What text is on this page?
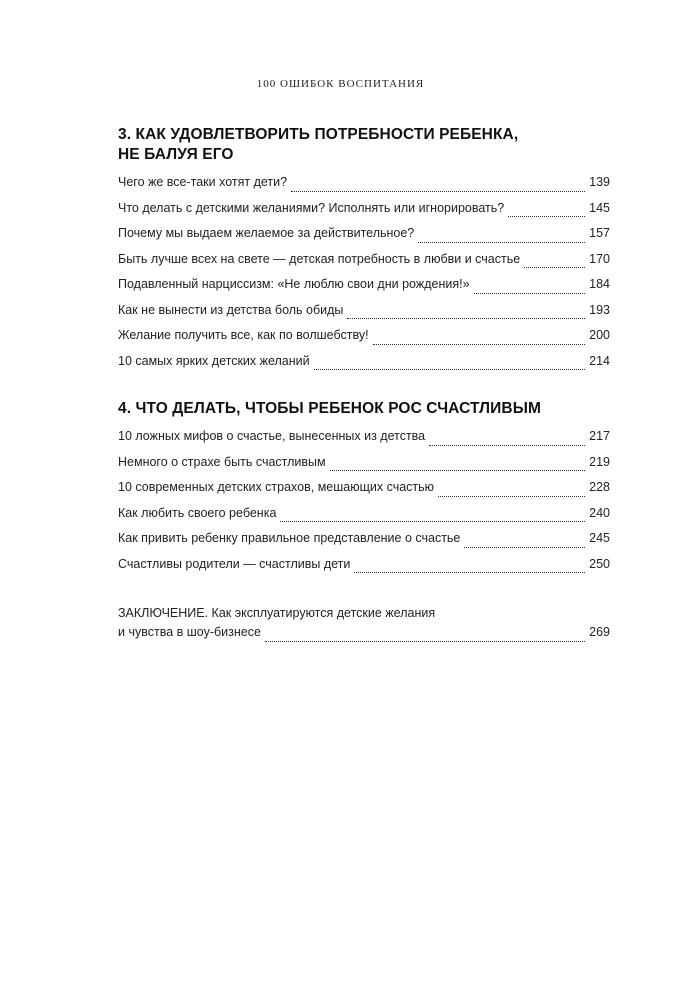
100 ОШИБОК ВОСПИТАНИЯ
3. КАК УДОВЛЕТВОРИТЬ ПОТРЕБНОСТИ РЕБЕНКА,
НЕ БАЛУЯ ЕГО
Чего же все-таки хотят дети?	139
Что делать с детскими желаниями? Исполнять или игнорировать?	145
Почему мы выдаем желаемое за действительное?	157
Быть лучше всех на свете — детская потребность в любви и счастье	170
Подавленный нарциссизм: «Не люблю свои дни рождения!»	184
Как не вынести из детства боль обиды	193
Желание получить все, как по волшебству!	200
10 самых ярких детских желаний	214
4. ЧТО ДЕЛАТЬ, ЧТОБЫ РЕБЕНОК РОС СЧАСТЛИВЫМ
10 ложных мифов о счастье, вынесенных из детства	217
Немного о страхе быть счастливым	219
10 современных детских страхов, мешающих счастью	228
Как любить своего ребенка	240
Как привить ребенку правильное представление о счастье	245
Счастливы родители — счастливы дети	250
ЗАКЛЮЧЕНИЕ. Как эксплуатируются детские желания
и чувства в шоу-бизнесе	269
